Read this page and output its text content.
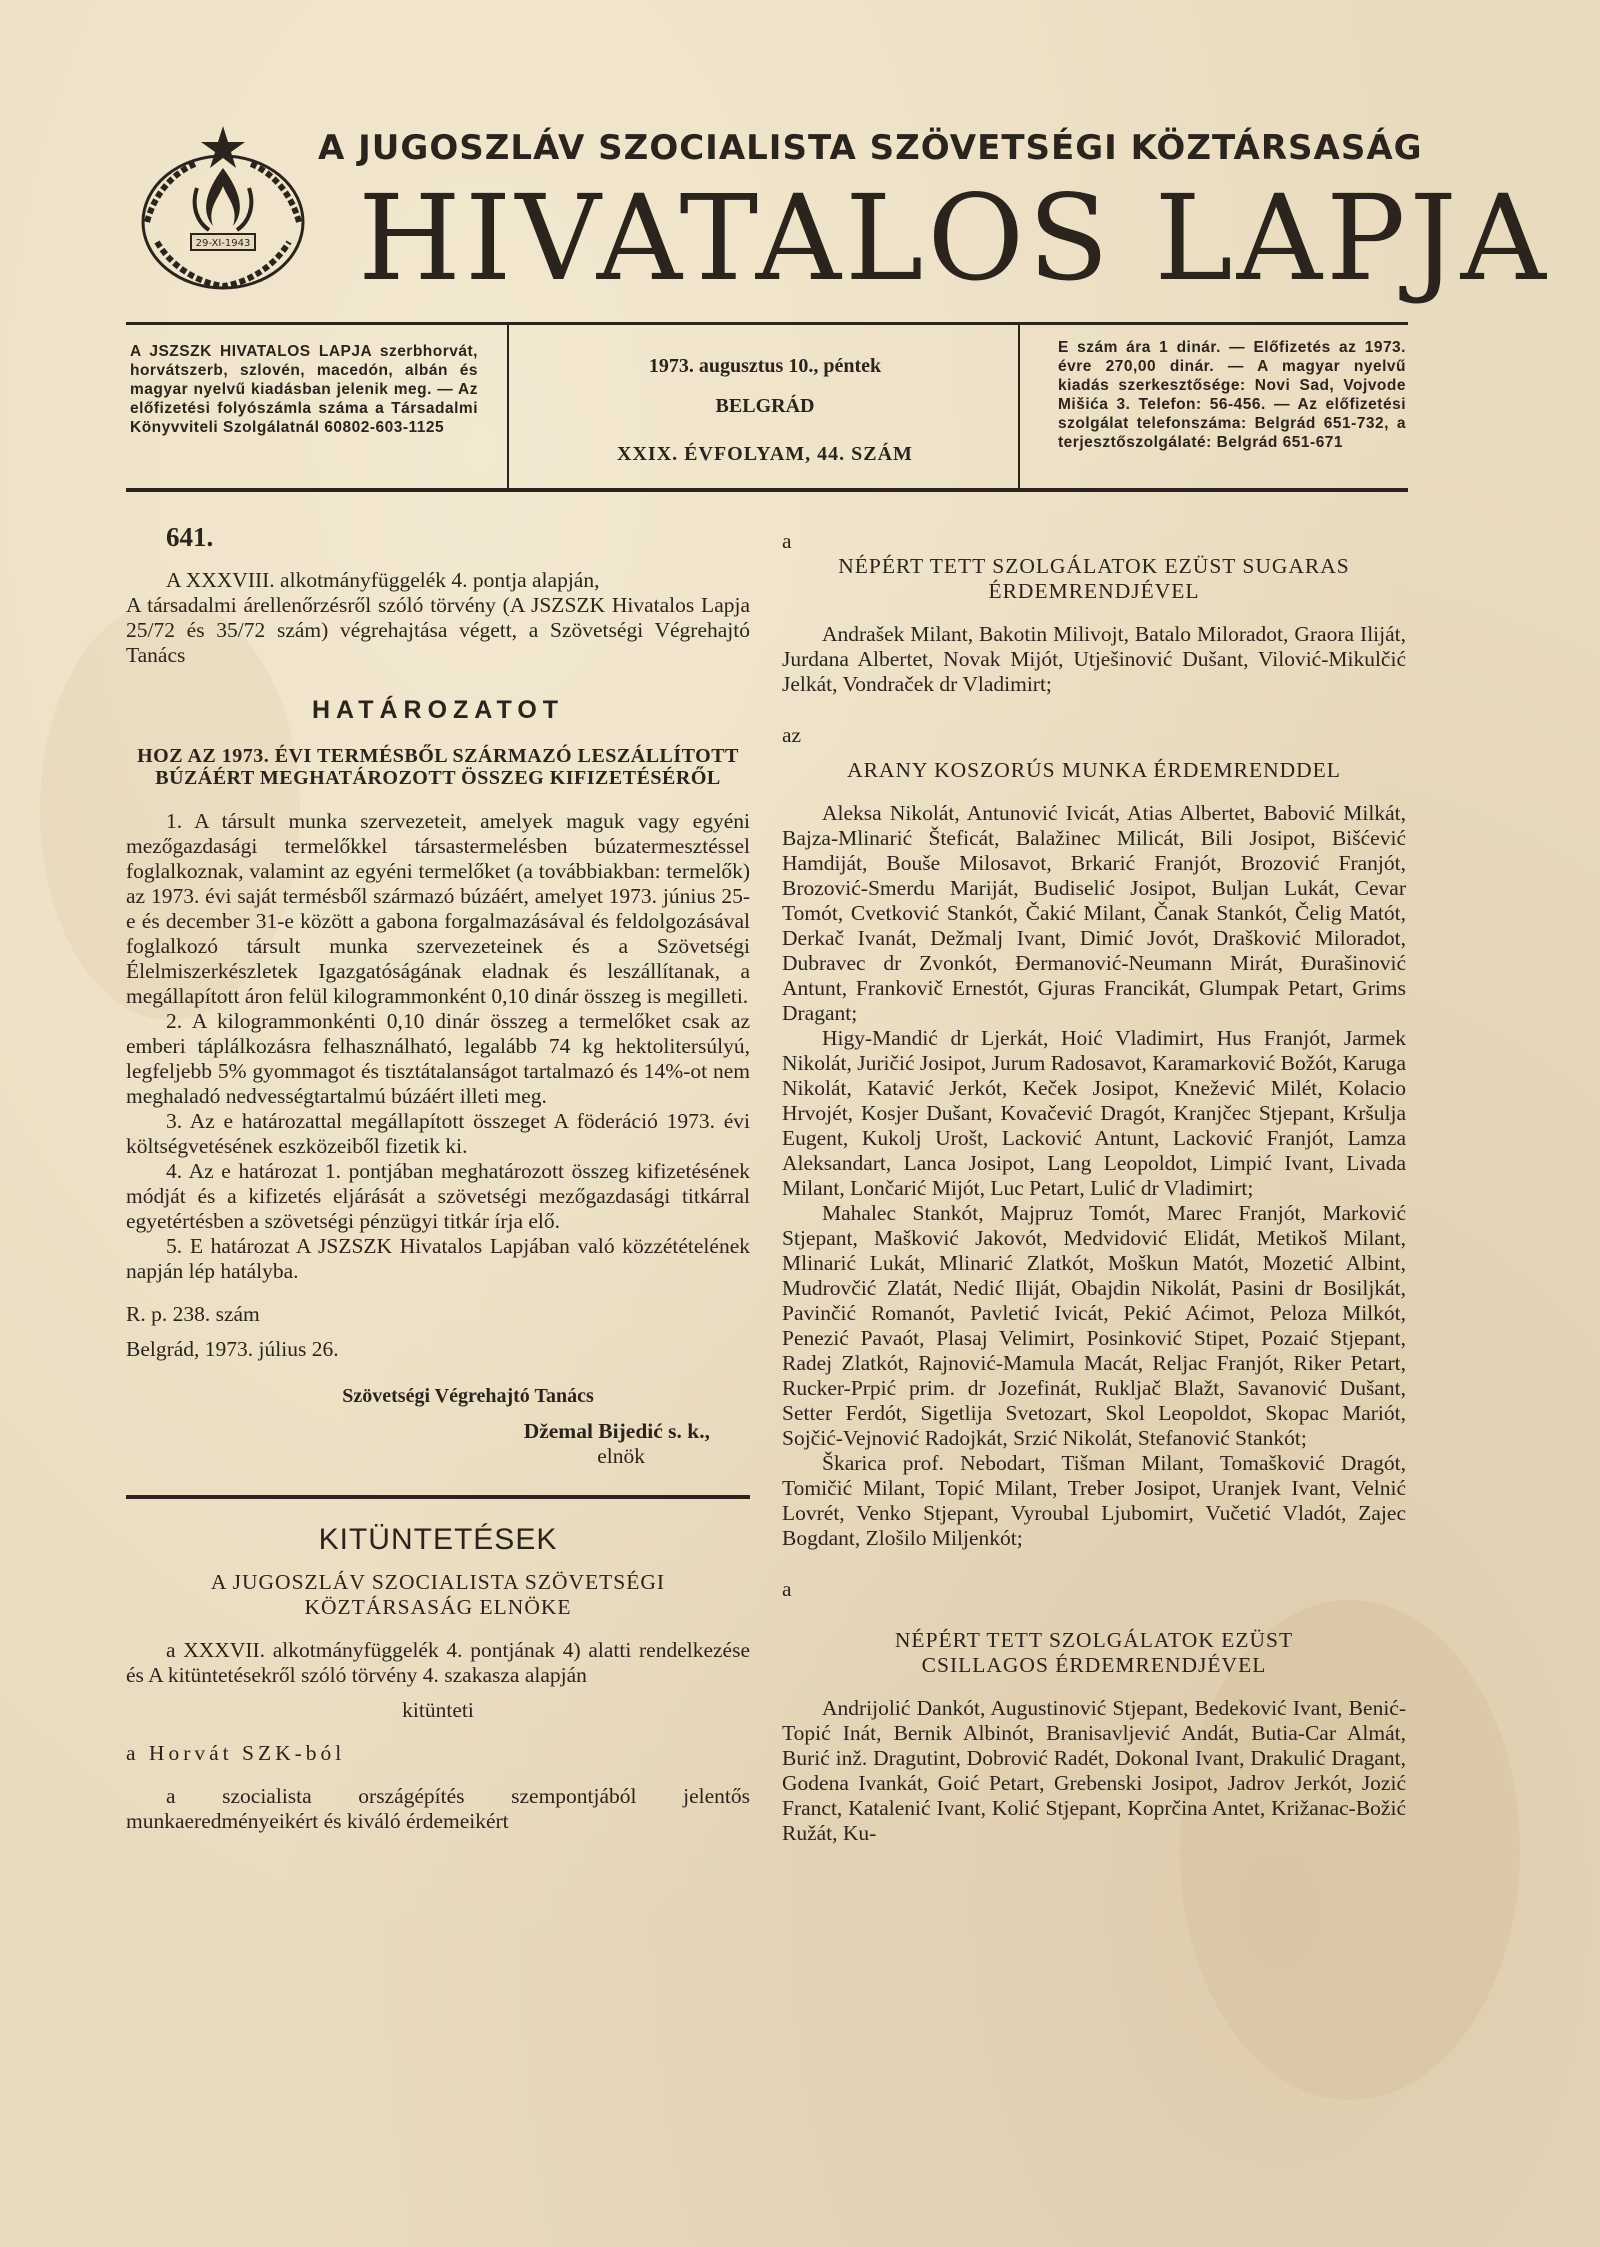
29-XI-1943
A JUGOSZLÁV SZOCIALISTA SZÖVETSÉGI KÖZTÁRSASÁG
HIVATALOS LAPJA
A JSZSZK HIVATALOS LAPJA szerbhorvát, horvátszerb, szlovén, macedón, albán és magyar nyelvű kiadásban jelenik meg. — Az előfizetési folyószámla száma a Társadalmi Könyvviteli Szolgálatnál 60802-603-1125
1973. augusztus 10., péntek
BELGRÁD
XXIX. ÉVFOLYAM, 44. SZÁM
E szám ára 1 dinár. — Előfizetés az 1973. évre 270,00 dinár. — A magyar nyelvű kiadás szerkesztősége: Novi Sad, Vojvode Mišića 3. Telefon: 56-456. — Az előfizetési szolgálat telefonszáma: Belgrád 651-732, a terjesztőszolgálaté: Belgrád 651-671
641.

A XXXVIII. alkotmányfüggelék 4. pontja alapján,

A társadalmi árellenőrzésről szóló törvény (A JSZSZK Hivatalos Lapja 25/72 és 35/72 szám) végrehajtása végett, a Szövetségi Végrehajtó Tanács

HATÁROZATOT
HOZ AZ 1973. ÉVI TERMÉSBŐL SZÁRMAZÓ LESZÁLLÍTOTT BÚZÁÉRT MEGHATÁROZOTT ÖSSZEG KIFIZETÉSÉRŐL

1. A társult munka szervezeteit, amelyek maguk vagy egyéni mezőgazdasági termelőkkel társastermelésben búzatermesztéssel foglalkoznak, valamint az egyéni termelőket (a továbbiakban: termelők) az 1973. évi saját termésből származó búzáért, amelyet 1973. június 25-e és december 31-e között a gabona forgalmazásával és feldolgozásával foglalkozó társult munka szervezeteinek és a Szövetségi Élelmiszerkészletek Igazgatóságának eladnak és leszállítanak, a megállapított áron felül kilogrammonként 0,10 dinár összeg is megilleti.

2. A kilogrammonkénti 0,10 dinár összeg a termelőket csak az emberi táplálkozásra felhasználható, legalább 74 kg hektolitersúlyú, legfeljebb 5% gyommagot és tisztátalanságot tartalmazó és 14%-ot nem meghaladó nedvességtartalmú búzáért illeti meg.

3. Az e határozattal megállapított összeget A föderáció 1973. évi költségvetésének eszközeiből fizetik ki.

4. Az e határozat 1. pontjában meghatározott összeg kifizetésének módját és a kifizetés eljárását a szövetségi mezőgazdasági titkárral egyetértésben a szövetségi pénzügyi titkár írja elő.

5. E határozat A JSZSZK Hivatalos Lapjában való közzétételének napján lép hatályba.

R. p. 238. szám

Belgrád, 1973. július 26.

Szövetségi Végrehajtó Tanács

Džemal Bijedić s. k.,

elnök

KITÜNTETÉSEK

A JUGOSZLÁV SZOCIALISTA SZÖVETSÉGI KÖZTÁRSASÁG ELNÖKE

a XXXVII. alkotmányfüggelék 4. pontjának 4) alatti rendelkezése és A kitüntetésekről szóló törvény 4. szakasza alapján

kitünteti

a Horvát SZK-ból

a szocialista országépítés szempontjából jelentős munkaeredményeikért és kiváló érdemeikért

a

NÉPÉRT TETT SZOLGÁLATOK EZÜST SUGARAS ÉRDEMRENDJÉVEL

Andrašek Milant, Bakotin Milivojt, Batalo Miloradot, Graora Iliját, Jurdana Albertet, Novak Mijót, Utješinović Dušant, Vilović-Mikulčić Jelkát, Vondraček dr Vladimirt;

az

ARANY KOSZORÚS MUNKA ÉRDEMRENDDEL

Aleksa Nikolát, Antunović Ivicát, Atias Albertet, Babović Milkát, Bajza-Mlinarić Šteficát, Balažinec Milicát, Bili Josipot, Bišćević Hamdiját, Bouše Milosavot, Brkarić Franjót, Brozović Franjót, Brozović-Smerdu Mariját, Budiselić Josipot, Buljan Lukát, Cevar Tomót, Cvetković Stankót, Čakić Milant, Čanak Stankót, Čelig Matót, Derkač Ivanát, Dežmalj Ivant, Dimić Jovót, Drašković Miloradot, Dubravec dr Zvonkót, Đermanović-Neumann Mirát, Đurašinović Antunt, Frankovič Ernestót, Gjuras Francikát, Glumpak Petart, Grims Dragant;

Higy-Mandić dr Ljerkát, Hoić Vladimirt, Hus Franjót, Jarmek Nikolát, Juričić Josipot, Jurum Radosavot, Karamarković Božót, Karuga Nikolát, Katavić Jerkót, Keček Josipot, Knežević Milét, Kolacio Hrvojét, Kosjer Dušant, Kovačević Dragót, Kranjčec Stjepant, Kršulja Eugent, Kukolj Urošt, Lacković Antunt, Lacković Franjót, Lamza Aleksandart, Lanca Josipot, Lang Leopoldot, Limpić Ivant, Livada Milant, Lončarić Mijót, Luc Petart, Lulić dr Vladimirt;

Mahalec Stankót, Majpruz Tomót, Marec Franjót, Marković Stjepant, Mašković Jakovót, Medvidović Elidát, Metikoš Milant, Mlinarić Lukát, Mlinarić Zlatkót, Moškun Matót, Mozetić Albint, Mudrovčić Zlatát, Nedić Iliját, Obajdin Nikolát, Pasini dr Bosiljkát, Pavinčić Romanót, Pavletić Ivicát, Pekić Aćimot, Peloza Milkót, Penezić Pavaót, Plasaj Velimirt, Posinković Stipet, Pozaić Stjepant, Radej Zlatkót, Rajnović-Mamula Macát, Reljac Franjót, Riker Petart, Rucker-Prpić prim. dr Jozefinát, Rukljač Blažt, Savanović Dušant, Setter Ferdót, Sigetlija Svetozart, Skol Leopoldot, Skopac Mariót, Sojčić-Vejnović Radojkát, Srzić Nikolát, Stefanović Stankót;

Škarica prof. Nebodart, Tišman Milant, Tomašković Dragót, Tomičić Milant, Topić Milant, Treber Josipot, Uranjek Ivant, Velnić Lovrét, Venko Stjepant, Vyroubal Ljubomirt, Vučetić Vladót, Zajec Bogdant, Zlošilo Miljenkót;

a

NÉPÉRT TETT SZOLGÁLATOK EZÜST CSILLAGOS ÉRDEMRENDJÉVEL

Andrijolić Dankót, Augustinović Stjepant, Bedeković Ivant, Benić-Topić Inát, Bernik Albinót, Branisavljević Andát, Butia-Car Almát, Burić inž. Dragutint, Dobrović Radét, Dokonal Ivant, Drakulić Dragant, Godena Ivankát, Goić Petart, Grebenski Josipot, Jadrov Jerkót, Jozić Franct, Katalenić Ivant, Kolić Stjepant, Koprčina Antet, Križanac-Božić Ružát, Ku-
